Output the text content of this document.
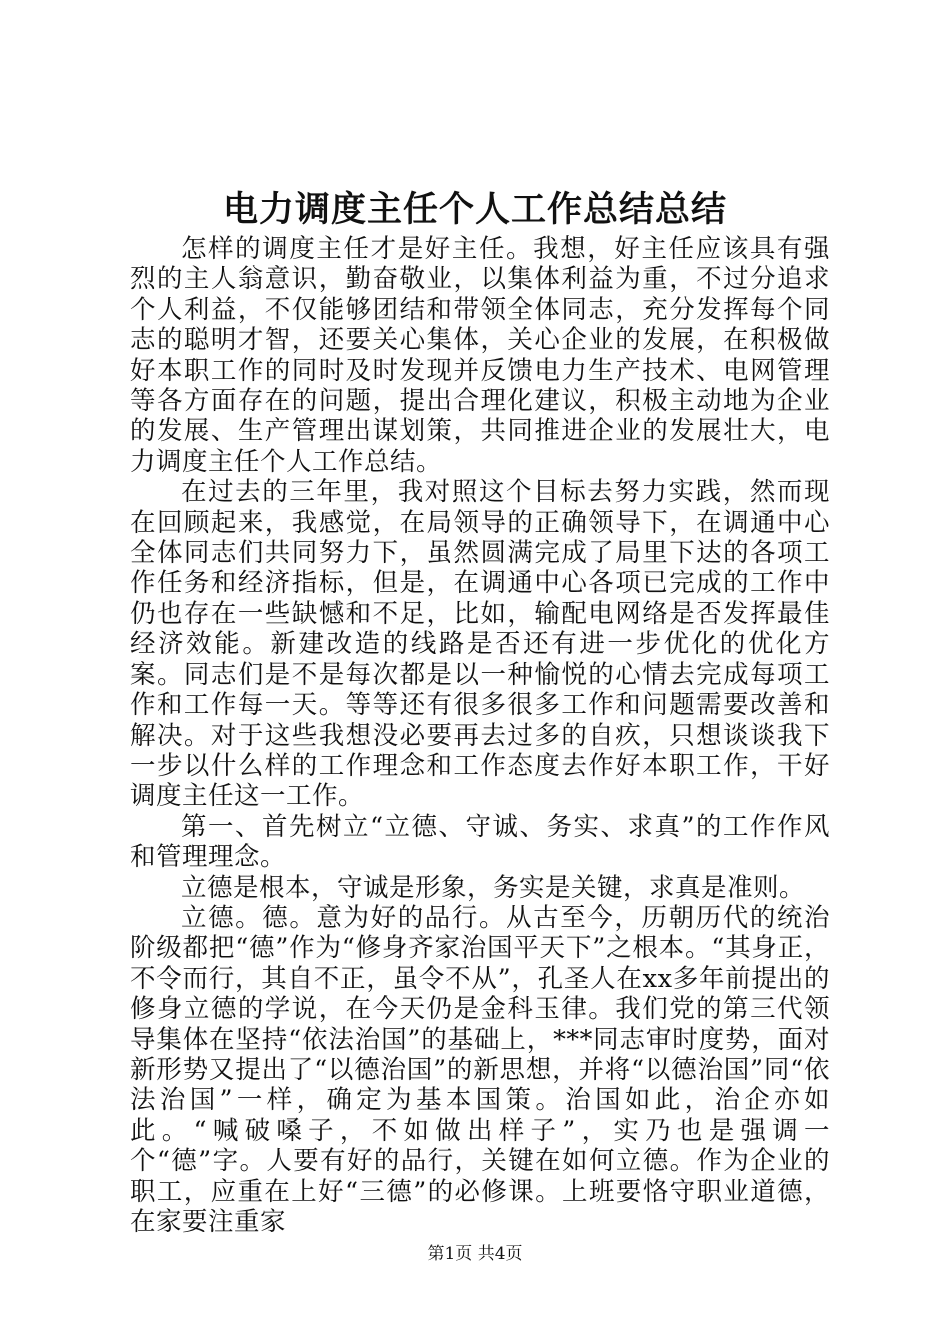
电力调度主任个人工作总结总结

怎样的调度主任才是好主任。我想，好主任应该具有强烈的主人翁意识，勤奋敬业，以集体利益为重，不过分追求个人利益，不仅能够团结和带领全体同志，充分发挥每个同志的聪明才智，还要关心集体，关心企业的发展，在积极做好本职工作的同时及时发现并反馈电力生产技术、电网管理等各方面存在的问题，提出合理化建议，积极主动地为企业的发展、生产管理出谋划策，共同推进企业的发展壮大，电力调度主任个人工作总结。

在过去的三年里，我对照这个目标去努力实践，然而现在回顾起来，我感觉，在局领导的正确领导下，在调通中心全体同志们共同努力下，虽然圆满完成了局里下达的各项工作任务和经济指标，但是，在调通中心各项已完成的工作中仍也存在一些缺憾和不足，比如，输配电网络是否发挥最佳经济效能。新建改造的线路是否还有进一步优化的优化方案。同志们是不是每次都是以一种愉悦的心情去完成每项工作和工作每一天。等等还有很多很多工作和问题需要改善和解决。对于这些我想没必要再去过多的自疚，只想谈谈我下一步以什么样的工作理念和工作态度去作好本职工作，干好调度主任这一工作。

第一、首先树立“立德、守诚、务实、求真”的工作作风和管理理念。

立德是根本，守诚是形象，务实是关键，求真是准则。

立德。德。意为好的品行。从古至今，历朝历代的统治阶级都把“德”作为“修身齐家治国平天下”之根本。“其身正，不令而行，其自不正，虽令不从”，孔圣人在xx多年前提出的修身立德的学说，在今天仍是金科玉律。我们党的第三代领导集体在坚持“依法治国”的基础上，***同志审时度势，面对新形势又提出了“以德治国”的新思想，并将“以德治国”同“依法治国”一样，确定为基本国策。治国如此，治企亦如此。“喊破嗓子，不如做出样子”，实乃也是强调一个“德”字。人要有好的品行，关键在如何立德。作为企业的职工，应重在上好“三德”的必修课。上班要恪守职业道德，在家要注重家

第1页 共4页
